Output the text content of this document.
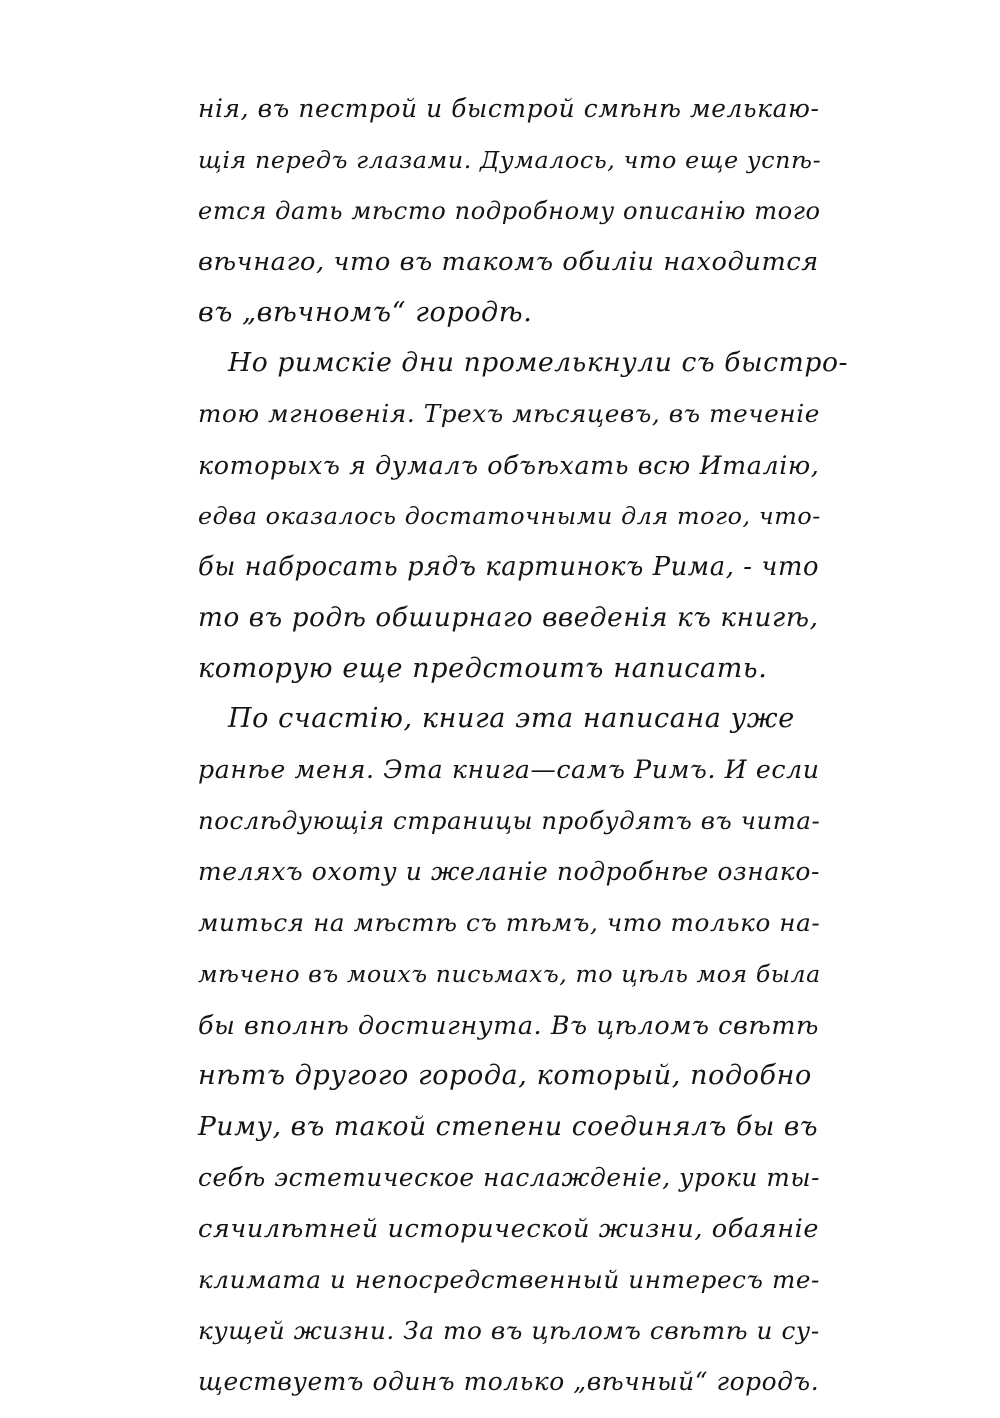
нія, въ пестрой и быстрой смѣнѣ мелькаю-
щія передъ глазами. Думалось, что еще успѣ-
ется дать мѣсто подробному описанію того
вѣчнаго, что въ такомъ обиліи находится
въ „вѣчномъ“ городѣ.
Но римскіе дни промелькнули съ быстро-
тою мгновенія. Трехъ мѣсяцевъ, въ теченіе
которыхъ я думалъ объѣхать всю Италію,
едва оказалось достаточными для того, что-
бы набросать рядъ картинокъ Рима, - что
то въ родѣ обширнаго введенія къ книгѣ,
которую еще предстоитъ написать.
По счастію, книга эта написана уже
ранѣе меня. Эта книга—самъ Римъ. И если
послѣдующія страницы пробудятъ въ чита-
теляхъ охоту и желаніе подробнѣе ознако-
миться на мѣстѣ съ тѣмъ, что только на-
мѣчено въ моихъ письмахъ, то цѣль моя была
бы вполнѣ достигнута. Въ цѣломъ свѣтѣ
нѣтъ другого города, который, подобно
Риму, въ такой степени соединялъ бы въ
себѣ эстетическое наслажденіе, уроки ты-
сячилѣтней исторической жизни, обаяніе
климата и непосредственный интересъ те-
кущей жизни. За то въ цѣломъ свѣтѣ и су-
ществуетъ одинъ только „вѣчный“ городъ.
